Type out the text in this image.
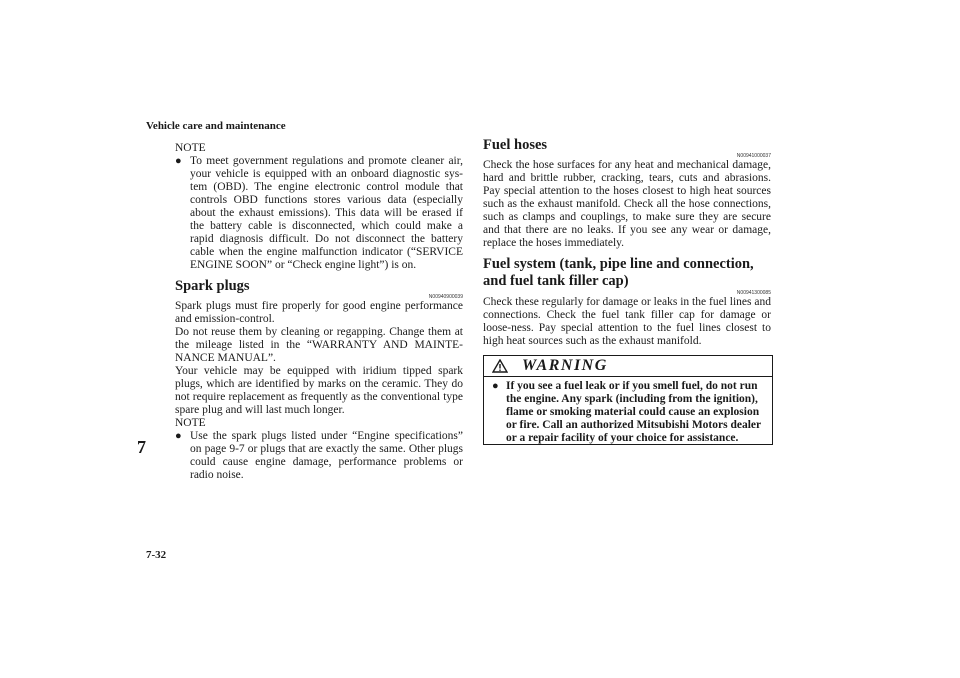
Vehicle care and maintenance
7
7-32
NOTE
● To meet government regulations and promote cleaner air, your vehicle is equipped with an onboard diagnostic sys-tem (OBD). The engine electronic control module that controls OBD functions stores various data (especially about the exhaust emissions). This data will be erased if the battery cable is disconnected, which could make a rapid diagnosis difficult. Do not disconnect the battery cable when the engine malfunction indicator (“SERVICE ENGINE SOON” or “Check engine light”) is on.
Spark plugs
N00940900039

Spark plugs must fire properly for good engine performance and emission-control.

Do not reuse them by cleaning or regapping. Change them at the mileage listed in the “WARRANTY AND MAINTE-NANCE MANUAL”.

Your vehicle may be equipped with iridium tipped spark plugs, which are identified by marks on the ceramic. They do not require replacement as frequently as the conventional type spare plug and will last much longer.

NOTE
● Use the spark plugs listed under “Engine specifications” on page 9-7 or plugs that are exactly the same. Other plugs could cause engine damage, performance problems or radio noise.
Fuel hoses
N00941000037

Check the hose surfaces for any heat and mechanical damage, hard and brittle rubber, cracking, tears, cuts and abrasions. Pay special attention to the hoses closest to high heat sources such as the exhaust manifold. Check all the hose connections, such as clamps and couplings, to make sure they are secure and that there are no leaks. If you see any wear or damage, replace the hoses immediately.

Fuel system (tank, pipe line and connection, and fuel tank filler cap)
N00941300085

Check these regularly for damage or leaks in the fuel lines and connections. Check the fuel tank filler cap for damage or loose-ness. Pay special attention to the fuel lines closest to high heat sources such as the exhaust manifold.

WARNING
● If you see a fuel leak or if you smell fuel, do not run the engine. Any spark (including from the ignition), flame or smoking material could cause an explosion or fire. Call an authorized Mitsubishi Motors dealer or a repair facility of your choice for assistance.
